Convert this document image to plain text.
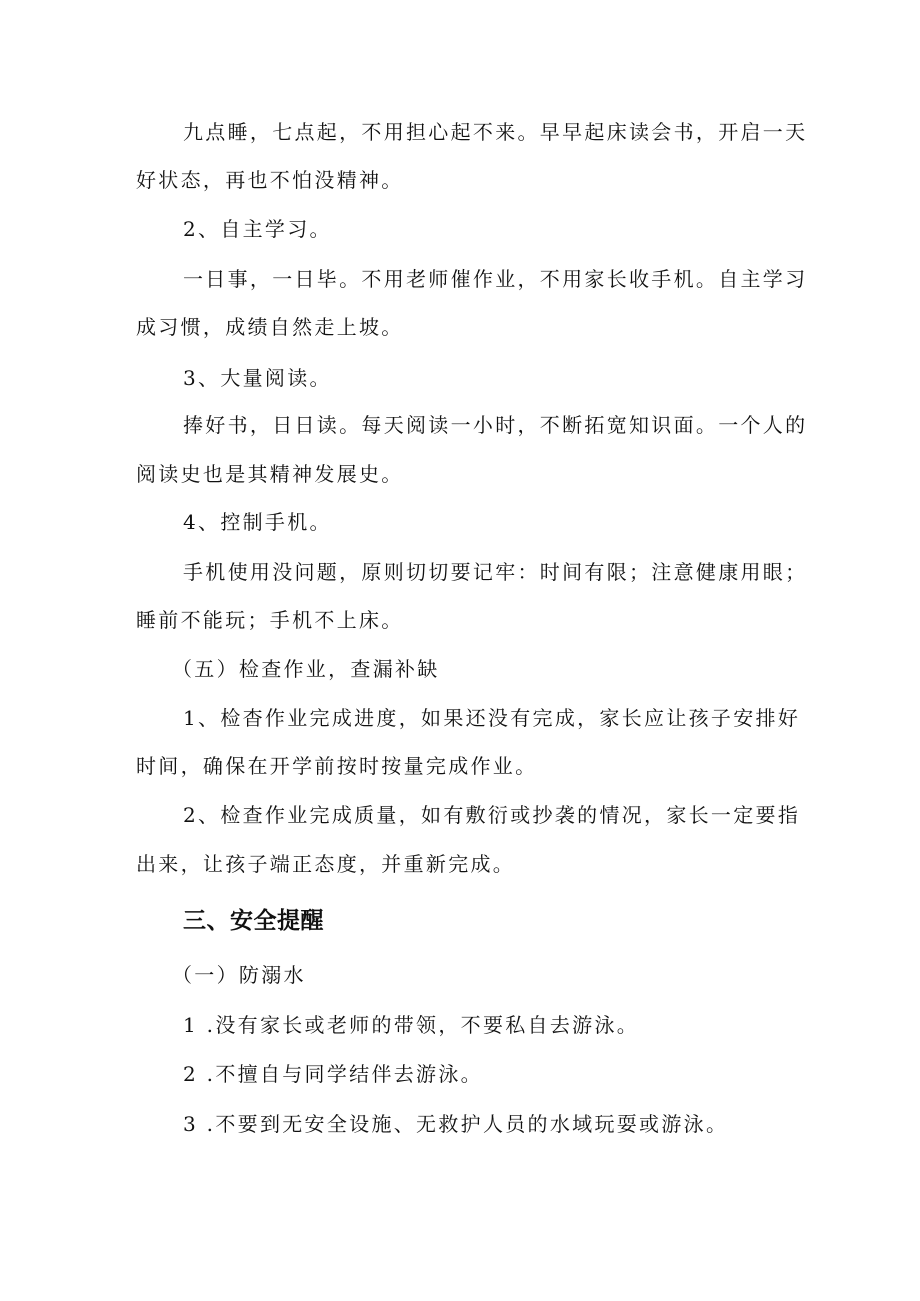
九点睡，七点起，不用担心起不来。早早起床读会书，开启一天

好状态，再也不怕没精神。

2、自主学习。

一日事，一日毕。不用老师催作业，不用家长收手机。自主学习

成习惯，成绩自然走上坡。

3、大量阅读。

捧好书，日日读。每天阅读一小时，不断拓宽知识面。一个人的

阅读史也是其精神发展史。

4、控制手机。

手机使用没问题，原则切切要记牢：时间有限；注意健康用眼；

睡前不能玩；手机不上床。

（五）检查作业，查漏补缺

1、检杳作业完成进度，如果还没有完成，家长应让孩子安排好

时间，确保在开学前按时按量完成作业。

2、检查作业完成质量，如有敷衍或抄袭的情况，家长一定要指

出来，让孩子端正态度，并重新完成。

三、安全提醒

（一）防溺水

1 .没有家长或老师的带领，不要私自去游泳。

2 .不擅自与同学结伴去游泳。

3 .不要到无安全设施、无救护人员的水域玩耍或游泳。
